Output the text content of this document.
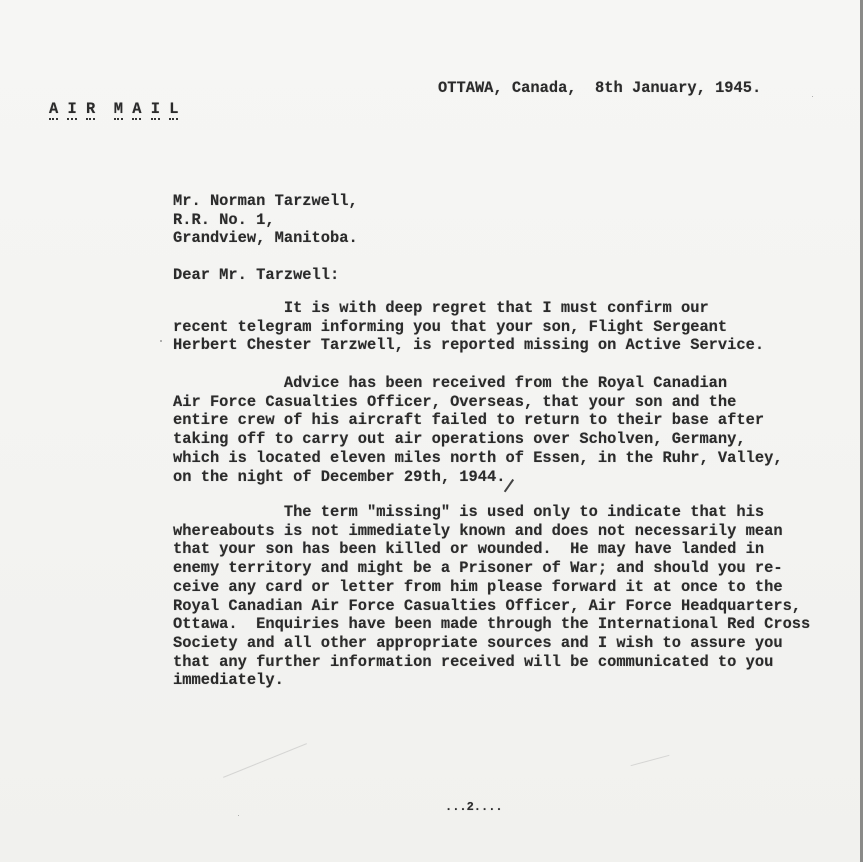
A I R M A I L

OTTAWA, Canada,  8th January, 1945.
Mr. Norman Tarzwell,
R.R. No. 1,
Grandview, Manitoba.
Dear Mr. Tarzwell:
It is with deep regret that I must confirm our
recent telegram informing you that your son, Flight Sergeant
Herbert Chester Tarzwell, is reported missing on Active Service.
Advice has been received from the Royal Canadian
Air Force Casualties Officer, Overseas, that your son and the
entire crew of his aircraft failed to return to their base after
taking off to carry out air operations over Scholven, Germany,
which is located eleven miles north of Essen, in the Ruhr, Valley,
on the night of December 29th, 1944.
The term "missing" is used only to indicate that his
whereabouts is not immediately known and does not necessarily mean
that your son has been killed or wounded.  He may have landed in
enemy territory and might be a Prisoner of War; and should you re-
ceive any card or letter from him please forward it at once to the
Royal Canadian Air Force Casualties Officer, Air Force Headquarters,
Ottawa.  Enquiries have been made through the International Red Cross
Society and all other appropriate sources and I wish to assure you
that any further information received will be communicated to you
immediately.
...2....
